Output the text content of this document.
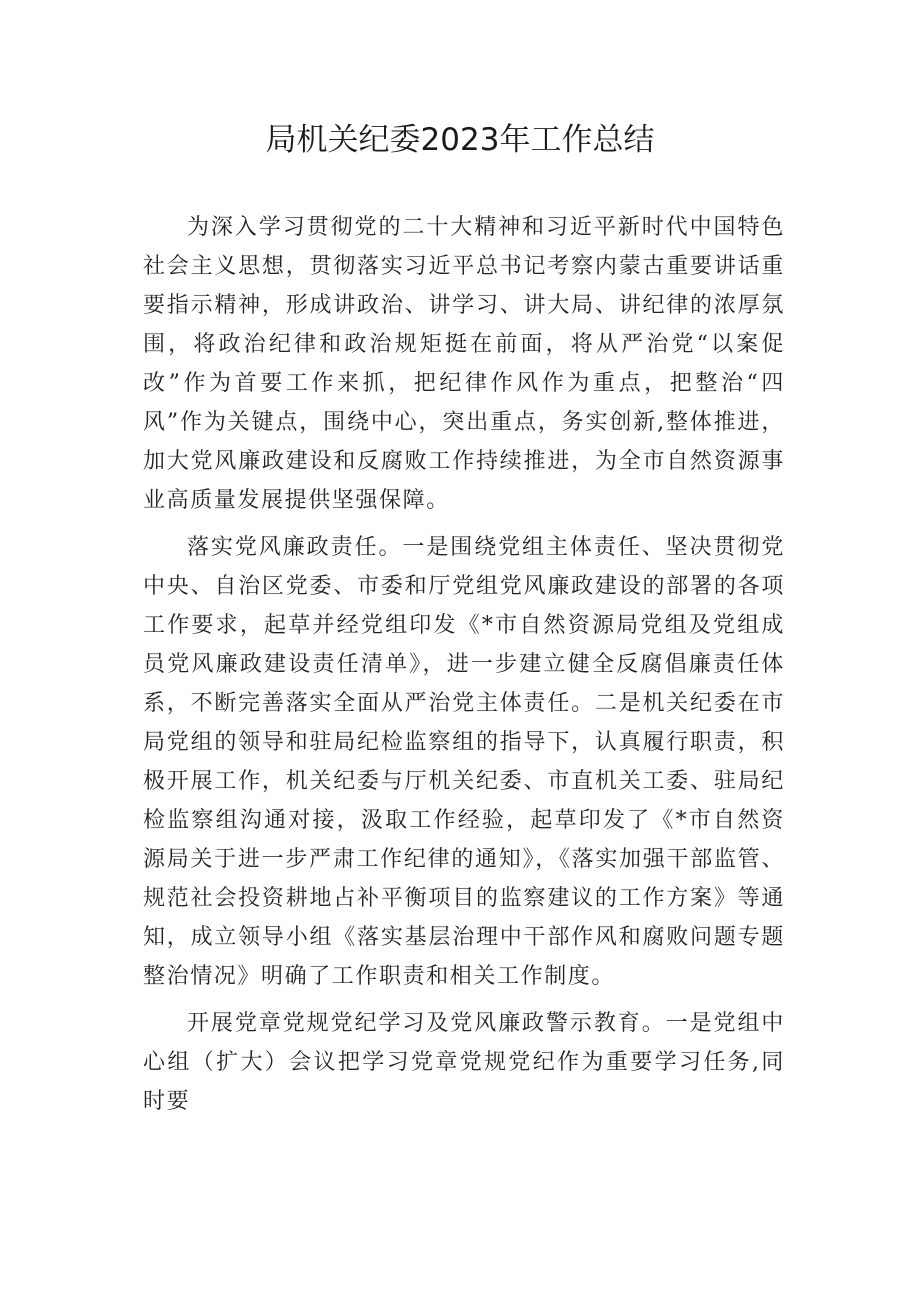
局机关纪委2023年工作总结

为深入学习贯彻党的二十大精神和习近平新时代中国特色社会主义思想，贯彻落实习近平总书记考察内蒙古重要讲话重要指示精神，形成讲政治、讲学习、讲大局、讲纪律的浓厚氛围，将政治纪律和政治规矩挺在前面，将从严治党“以案促改”作为首要工作来抓，把纪律作风作为重点，把整治“四风”作为关键点，围绕中心，突出重点，务实创新,整体推进，加大党风廉政建设和反腐败工作持续推进，为全市自然资源事业高质量发展提供坚强保障。

落实党风廉政责任。一是围绕党组主体责任、坚决贯彻党中央、自治区党委、市委和厅党组党风廉政建设的部署的各项工作要求，起草并经党组印发《*市自然资源局党组及党组成员党风廉政建设责任清单》，进一步建立健全反腐倡廉责任体系，不断完善落实全面从严治党主体责任。二是机关纪委在市局党组的领导和驻局纪检监察组的指导下，认真履行职责，积极开展工作，机关纪委与厅机关纪委、市直机关工委、驻局纪检监察组沟通对接，汲取工作经验，起草印发了《*市自然资源局关于进一步严肃工作纪律的通知》，《落实加强干部监管、规范社会投资耕地占补平衡项目的监察建议的工作方案》等通知，成立领导小组《落实基层治理中干部作风和腐败问题专题整治情况》明确了工作职责和相关工作制度。

开展党章党规党纪学习及党风廉政警示教育。一是党组中心组（扩大）会议把学习党章党规党纪作为重要学习任务,同时要
